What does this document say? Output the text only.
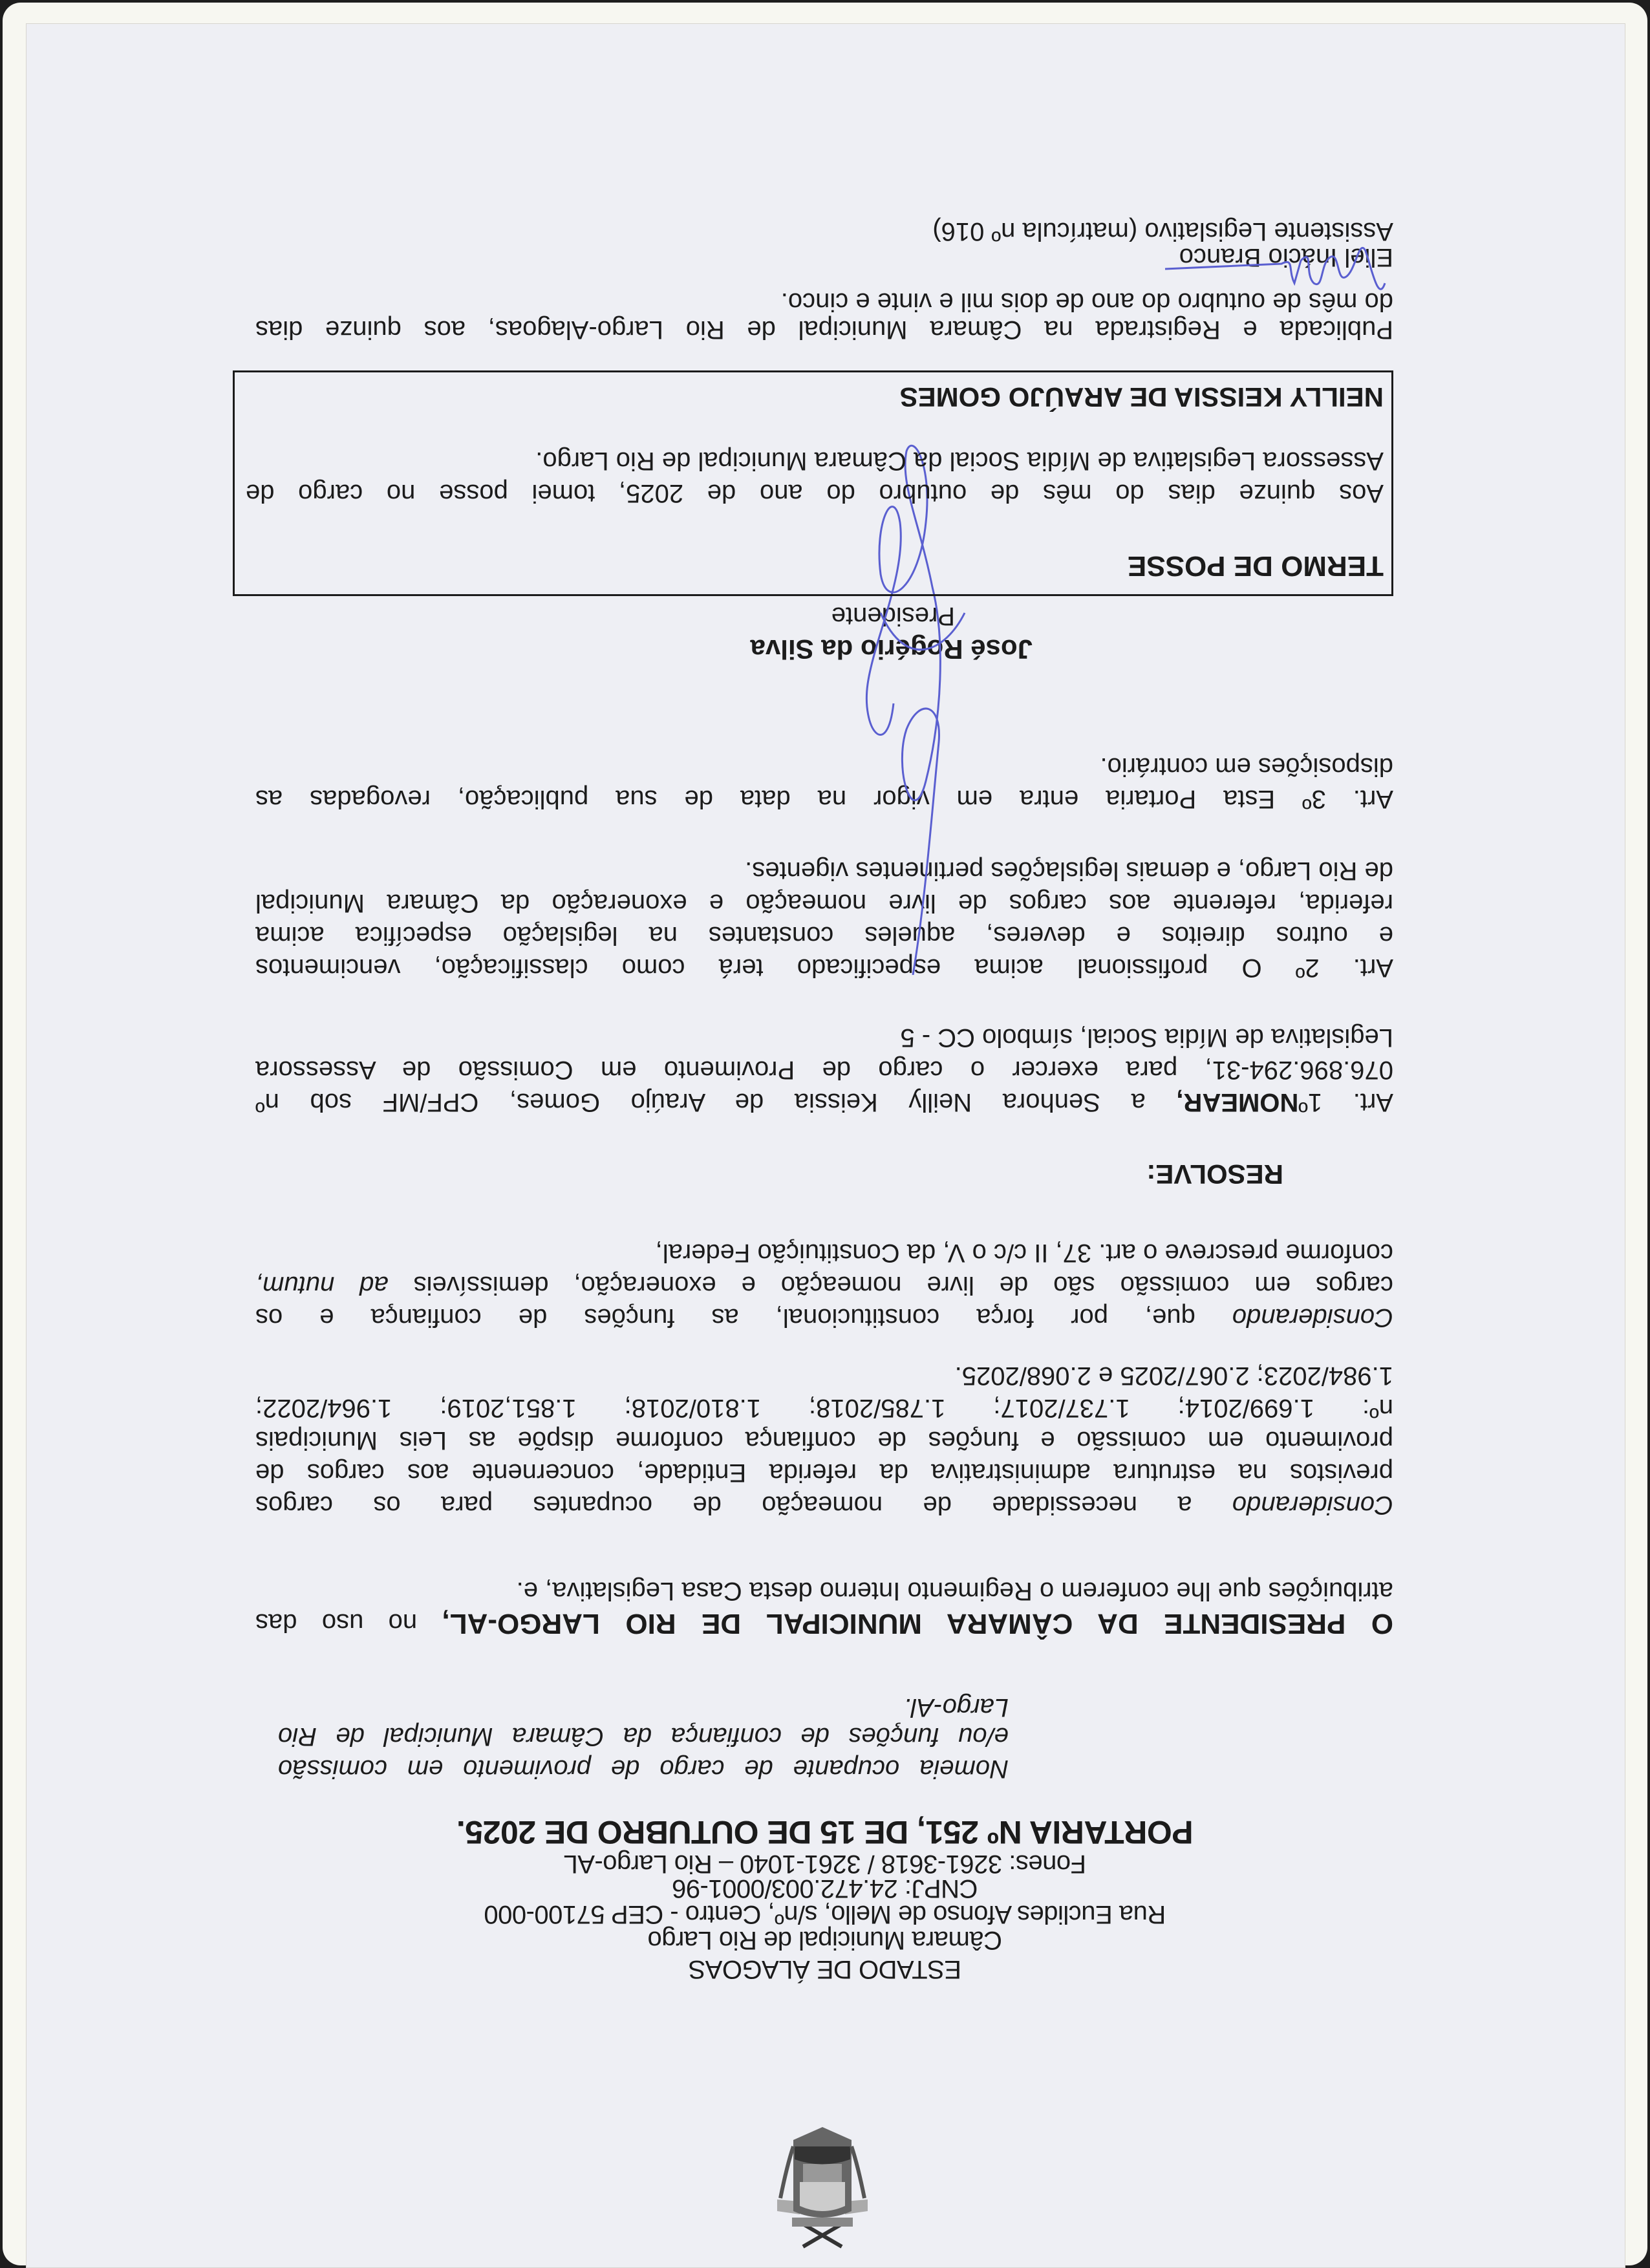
ESTADO DE ÁLAGOAS
Câmara Municipal de Rio Largo
Rua Euclides Afonso de Mello, s/nº, Centro - CEP 57100-000
CNPJ: 24.472.003/0001-96
Fones: 3261-3618 / 3261-1040 – Rio Largo-AL
PORTARIA Nº 251, DE 15 DE OUTUBRO DE 2025.
Nomeia ocupante de cargo de provimento em comissão
e/ou funções de confiança da Câmara Municipal de Rio
Largo-Al.
O PRESIDENTE DA CÂMARA MUNICIPAL DE RIO LARGO-AL, no uso das
atribuições que lhe conferem o Regimento Interno desta Casa Legislativa, e.
Considerando a necessidade de nomeação de ocupantes para os cargos
previstos na estrutura administrativa da referida Entidade, concernente aos cargos de
provimento em comissão e funções de confiança conforme dispõe as Leis Municipais
nº: 1.699/2014; 1.737/2017; 1.785/2018; 1.810/2018; 1.851,2019; 1.964/2022;
1.984/2023; 2.067/2025 e 2.068/2025.
Considerando que, por força constitucional, as funções de confiança e os
cargos em comissão são de livre nomeação e exoneração, demissíveis ad nutum,
conforme prescreve o art. 37, II c/c o V, da Constituição Federal,
RESOLVE:
Art. 1ºNOMEAR, a Senhora Neilly Keissia de Araújo Gomes, CPF/MF sob nº
076.896.294-31, para exercer o cargo de Provimento em Comissão de Assessora
Legislativa de Mídia Social, símbolo CC - 5
Art. 2º O profissional acima especificado terá como classificação, vencimentos
e outros direitos e deveres, aqueles constantes na legislação específica acima
referida, referente aos cargos de livre nomeação e exoneração da Câmara Municipal
de Rio Largo, e demais legislações pertinentes vigentes.
Art. 3º Esta Portaria entra em vigor na data de sua publicação, revogadas as
disposições em contrário.
José Rogério da Silva
Presidente
TERMO DE POSSE
Aos quinze dias do mês de outubro do ano de 2025, tomei posse no cargo de
Assessora Legislativa de Mídia Social da Câmara Municipal de Rio Largo.
NEILLY KEISSIA DE ARAÚJO GOMES
Publicada e Registrada na Câmara Municipal de Rio Largo-Alagoas, aos quinze dias
do mês de outubro do ano de dois mil e vinte e cinco.
Eliel Inácio Branco
Assistente Legislativo (matrícula nº 016)
